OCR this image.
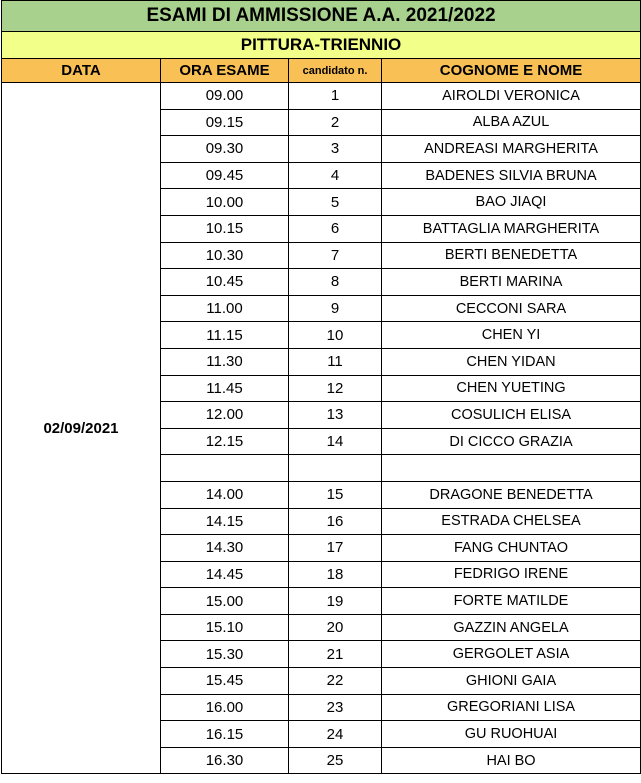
ESAMI DI AMMISSIONE A.A. 2021/2022			
PITTURA-TRIENNIO			
DATA	ORA ESAME	candidato n.	COGNOME E NOME
02/09/2021	09.00	1	AIROLDI VERONICA
	09.15	2	ALBA AZUL
	09.30	3	ANDREASI MARGHERITA
	09.45	4	BADENES SILVIA BRUNA
	10.00	5	BAO JIAQI
	10.15	6	BATTAGLIA MARGHERITA
	10.30	7	BERTI BENEDETTA
	10.45	8	BERTI MARINA
	11.00	9	CECCONI SARA
	11.15	10	CHEN YI
	11.30	11	CHEN YIDAN
	11.45	12	CHEN YUETING
	12.00	13	COSULICH ELISA
	12.15	14	DI CICCO GRAZIA

	14.00	15	DRAGONE BENEDETTA
	14.15	16	ESTRADA CHELSEA
	14.30	17	FANG CHUNTAO
	14.45	18	FEDRIGO IRENE
	15.00	19	FORTE MATILDE
	15.10	20	GAZZIN ANGELA
	15.30	21	GERGOLET ASIA
	15.45	22	GHIONI GAIA
	16.00	23	GREGORIANI LISA
	16.15	24	GU RUOHUAI
	16.30	25	HAI BO
